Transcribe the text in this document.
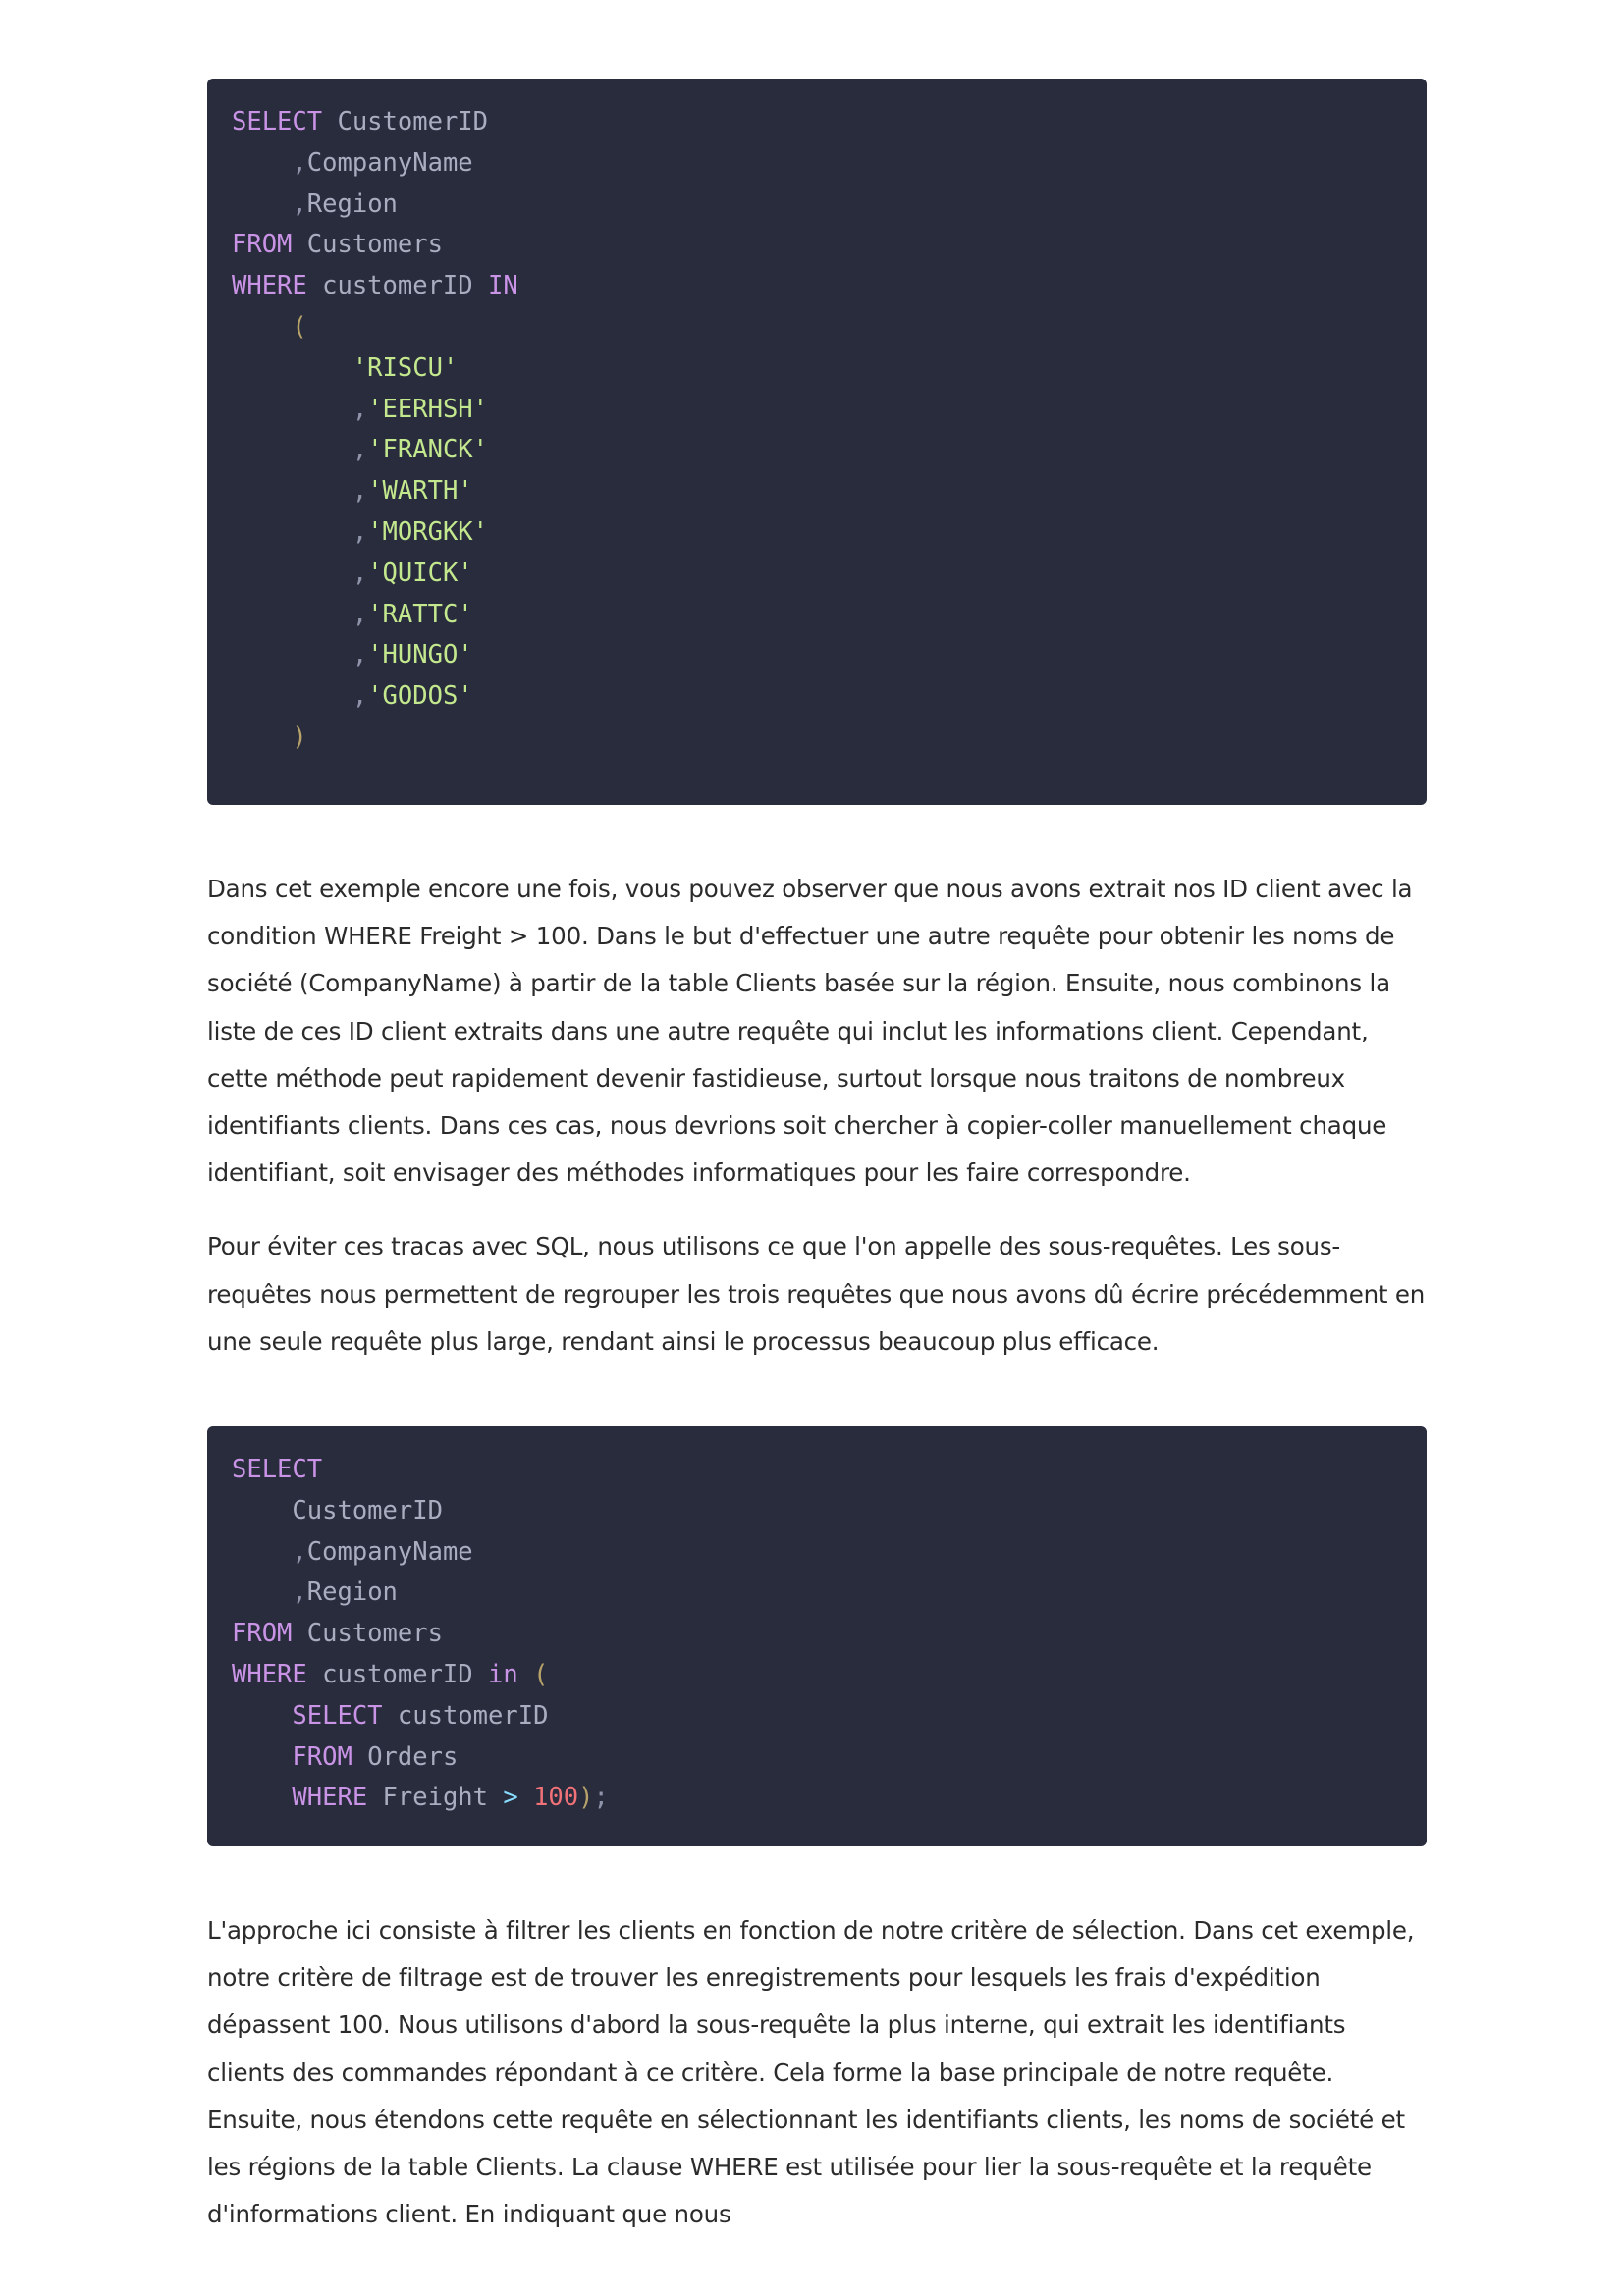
SELECT CustomerID
,CompanyName
,Region
FROM Customers
WHERE customerID IN
(
'RISCU'
,'EERHSH'
,'FRANCK'
,'WARTH'
,'MORGKK'
,'QUICK'
,'RATTC'
,'HUNGO'
,'GODOS'
)

Dans cet exemple encore une fois, vous pouvez observer que nous avons extrait nos ID client avec la condition WHERE Freight > 100. Dans le but d'effectuer une autre requête pour obtenir les noms de société (CompanyName) à partir de la table Clients basée sur la région. Ensuite, nous combinons la liste de ces ID client extraits dans une autre requête qui inclut les informations client. Cependant, cette méthode peut rapidement devenir fastidieuse, surtout lorsque nous traitons de nombreux identifiants clients. Dans ces cas, nous devrions soit chercher à copier-coller manuellement chaque identifiant, soit envisager des méthodes informatiques pour les faire correspondre.

Pour éviter ces tracas avec SQL, nous utilisons ce que l'on appelle des sous-requêtes. Les sous-requêtes nous permettent de regrouper les trois requêtes que nous avons dû écrire précédemment en une seule requête plus large, rendant ainsi le processus beaucoup plus efficace.

SELECT
CustomerID
,CompanyName
,Region
FROM Customers
WHERE customerID in (
SELECT customerID
FROM Orders
WHERE Freight > 100);

L'approche ici consiste à filtrer les clients en fonction de notre critère de sélection. Dans cet exemple, notre critère de filtrage est de trouver les enregistrements pour lesquels les frais d'expédition dépassent 100. Nous utilisons d'abord la sous-requête la plus interne, qui extrait les identifiants clients des commandes répondant à ce critère. Cela forme la base principale de notre requête. Ensuite, nous étendons cette requête en sélectionnant les identifiants clients, les noms de société et les régions de la table Clients. La clause WHERE est utilisée pour lier la sous-requête et la requête d'informations client. En indiquant que nous
